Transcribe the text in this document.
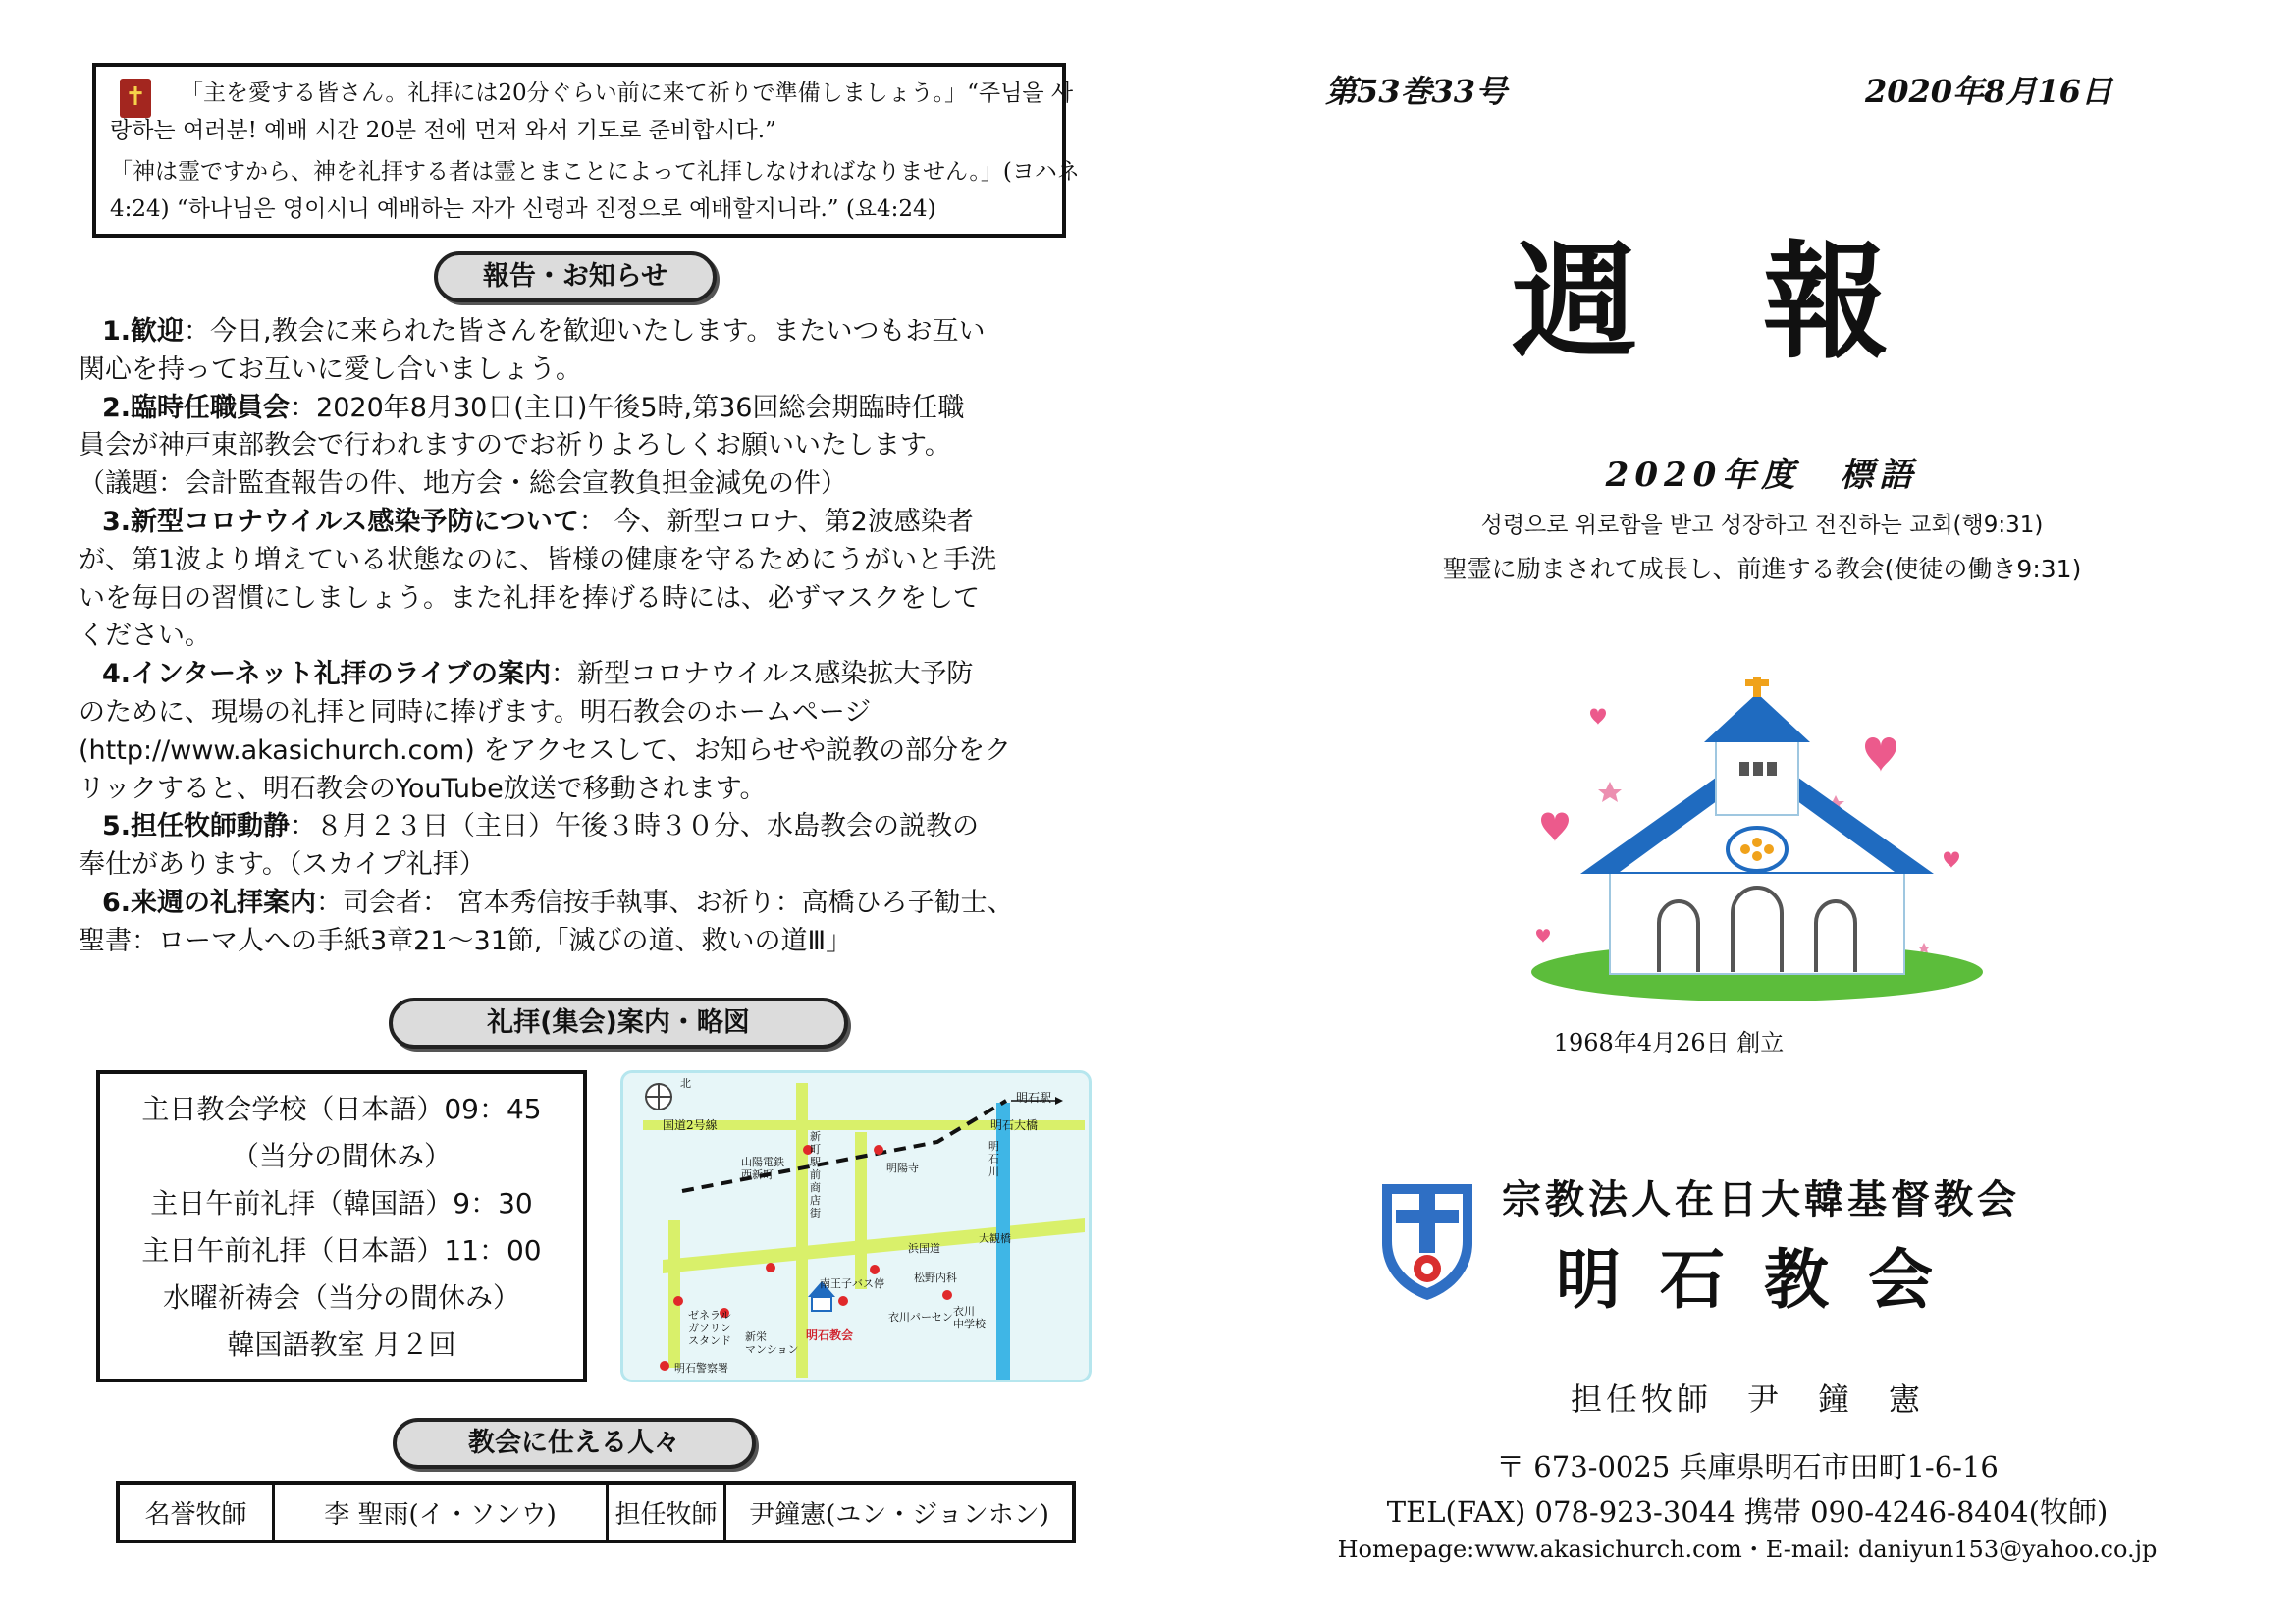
「主を愛する皆さん。礼拝には20分ぐらい前に来て祈りで準備しましょう。」“주님을 사
랑하는 여러분! 예배 시간 20분 전에 먼저 와서 기도로 준비합시다.”
「神は霊ですから、神を礼拝する者は霊とまことによって礼拝しなければなりません。」(ヨハネ
4:24) “하나님은 영이시니 예배하는 자가 신령과 진정으로 예배할지니라.” (요4:24)
✝
報告・お知らせ
1.歓迎：今日,教会に来られた皆さんを歓迎いたします。またいつもお互い
関心を持ってお互いに愛し合いましょう。
2.臨時任職員会：2020年8月30日(主日)午後5時,第36回総会期臨時任職
員会が神戸東部教会で行われますのでお祈りよろしくお願いいたします。
（議題：会計監査報告の件、地方会・総会宣教負担金減免の件）
3.新型コロナウイルス感染予防について： 今、新型コロナ、第2波感染者
が、第1波より増えている状態なのに、皆様の健康を守るためにうがいと手洗
いを毎日の習慣にしましょう。また礼拝を捧げる時には、必ずマスクをして
ください。
4.インターネット礼拝のライブの案内：新型コロナウイルス感染拡大予防
のために、現場の礼拝と同時に捧げます。明石教会のホームページ
(http://www.akasichurch.com) をアクセスして、お知らせや説教の部分をク
リックすると、明石教会のYouTube放送で移動されます。
5.担任牧師動静：８月２３日（主日）午後３時３０分、水島教会の説教の
奉仕があります。（スカイプ礼拝）
6.来週の礼拝案内：司会者： 宮本秀信按手執事、お祈り：高橋ひろ子勧士、
聖書：ローマ人への手紙3章21～31節,「滅びの道、救いの道Ⅲ」
礼拝(集会)案内・略図
主日教会学校（日本語）09：45
（当分の間休み）
主日午前礼拝（韓国語）9：30
主日午前礼拝（日本語）11：00
水曜祈祷会（当分の間休み）
韓国語教室 月２回
北
明石駅
国道2号線	明石大橋
山陽電鉄
西新町
明陽寺
新町駅前商店街
明石川
浜国道
大観橋
南王子バス停	松野内科
ゼネラル
ガソリン
スタンド 新栄
マンション
明石教会
衣川パーセン 衣川
中学校
明石警察署
教会に仕える人々
名誉牧師	李 聖雨(イ・ソンウ)	担任牧師	尹鐘憲(ユン・ジョンホン)
第53巻33号	2020年8月16日
週　報
2020年度　標語
성령으로 위로함을 받고 성장하고 전진하는 교회(행9:31)
聖霊に励まされて成長し、前進する教会(使徒の働き9:31)
1968年4月26日 創立
宗教法人在日大韓基督教会
明石教会
担任牧師　尹　鐘　憲
〒 673-0025 兵庫県明石市田町1-6-16
TEL(FAX) 078-923-3044 携帯 090-4246-8404(牧師)
Homepage:www.akasichurch.com・E-mail: daniyun153@yahoo.co.jp
